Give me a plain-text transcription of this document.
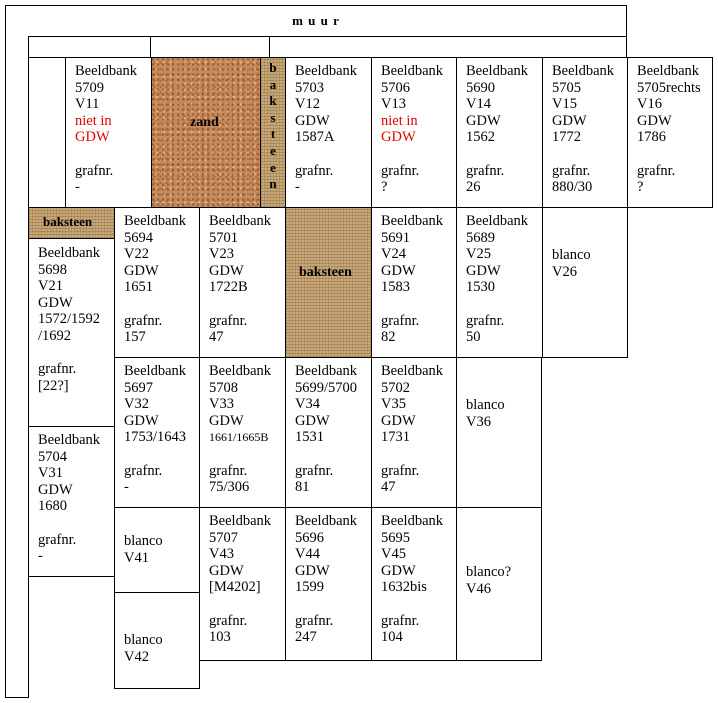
m u u r
Beeldbank
5709
V11
niet in
GDW
grafnr.
-

zand

b
a
k
s
t
e
e
n

Beeldbank
5703
V12
GDW
1587A
grafnr.
-
Beeldbank
5706
V13
niet in
GDW
grafnr.
?
Beeldbank
5690
V14
GDW
1562
grafnr.
26
Beeldbank
5705
V15
GDW
1772
grafnr.
880/30
Beeldbank
5705rechts
V16
GDW
1786
grafnr.
?

baksteen

Beeldbank
5698
V21
GDW
1572/1592
/1692
grafnr.
[22?]
Beeldbank
5694
V22
GDW
1651
grafnr.
157
Beeldbank
5701
V23
GDW
1722B
grafnr.
47

baksteen

Beeldbank
5691
V24
GDW
1583
grafnr.
82
Beeldbank
5689
V25
GDW
1530
grafnr.
50
blanco
V26
Beeldbank
5704
V31
GDW
1680
grafnr.
-
Beeldbank
5697
V32
GDW
1753/1643
grafnr.
-
Beeldbank
5708
V33
GDW
1661/1665B
grafnr.
75/306
Beeldbank
5699/5700
V34
GDW
1531
grafnr.
81
Beeldbank
5702
V35
GDW
1731
grafnr.
47
blanco
V36
blanco
V41
blanco
V42
Beeldbank
5707
V43
GDW
[M4202]
grafnr.
103
Beeldbank
5696
V44
GDW
1599
grafnr.
247
Beeldbank
5695
V45
GDW
1632bis
grafnr.
104
blanco?
V46
